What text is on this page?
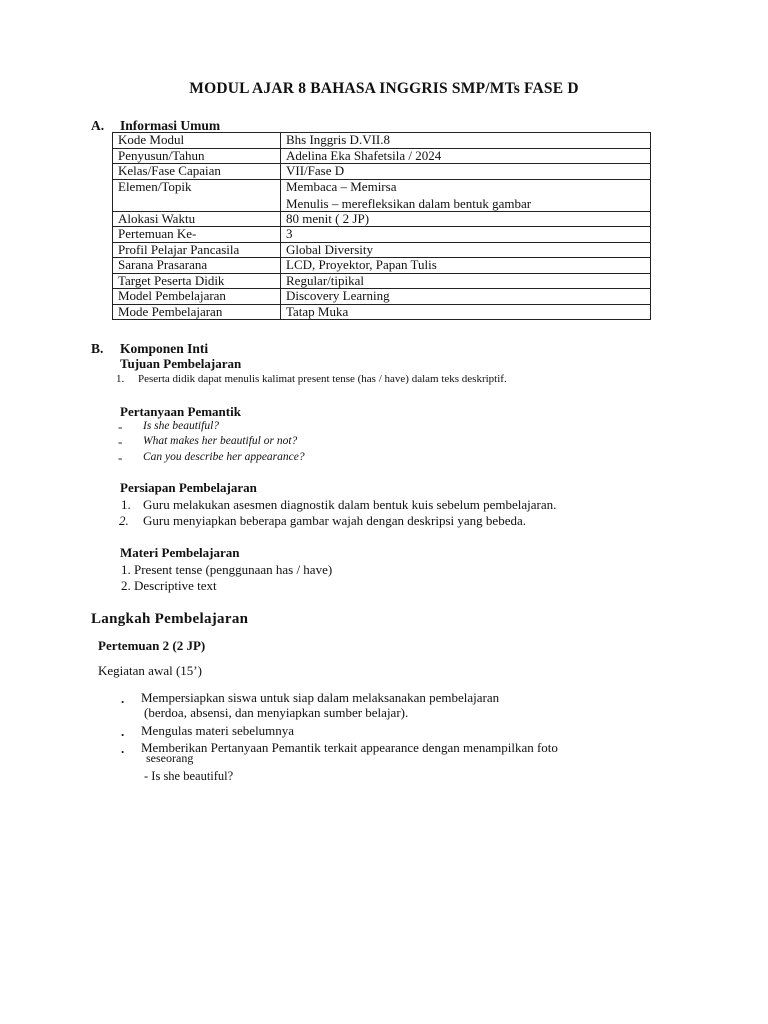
MODUL AJAR 8 BAHASA INGGRIS SMP/MTs FASE D
A. Informasi Umum
Kode Modul	Bhs Inggris D.VII.8
Penyusun/Tahun	Adelina Eka Shafetsila / 2024
Kelas/Fase Capaian	VII/Fase D
Elemen/Topik	Membaca – Memirsa
Menulis – merefleksikan dalam bentuk gambar

Alokasi Waktu	80 menit ( 2 JP)
Pertemuan Ke-	3
Profil Pelajar Pancasila	Global Diversity
Sarana Prasarana	LCD, Proyektor, Papan Tulis
Target Peserta Didik	Regular/tipikal
Model Pembelajaran	Discovery Learning
Mode Pembelajaran	Tatap Muka
B. Komponen Inti
Tujuan Pembelajaran
1. Peserta didik dapat menulis kalimat present tense (has / have) dalam teks deskriptif.
Pertanyaan Pemantik
- Is she beautiful?
- What makes her beautiful or not?
- Can you describe her appearance?
Persiapan Pembelajaran
1. Guru melakukan asesmen diagnostik dalam bentuk kuis sebelum pembelajaran.
2. Guru menyiapkan beberapa gambar wajah dengan deskripsi yang bebeda.
Materi Pembelajaran
1. Present tense (penggunaan has / have)
2. Descriptive text
Langkah Pembelajaran
Pertemuan 2 (2 JP)
Kegiatan awal (15’)
. Mempersiapkan siswa untuk siap dalam melaksanakan pembelajaran
(berdoa, absensi, dan menyiapkan sumber belajar).
. Mengulas materi sebelumnya
. Memberikan Pertanyaan Pemantik terkait appearance dengan menampilkan foto
seseorang
- Is she beautiful?
